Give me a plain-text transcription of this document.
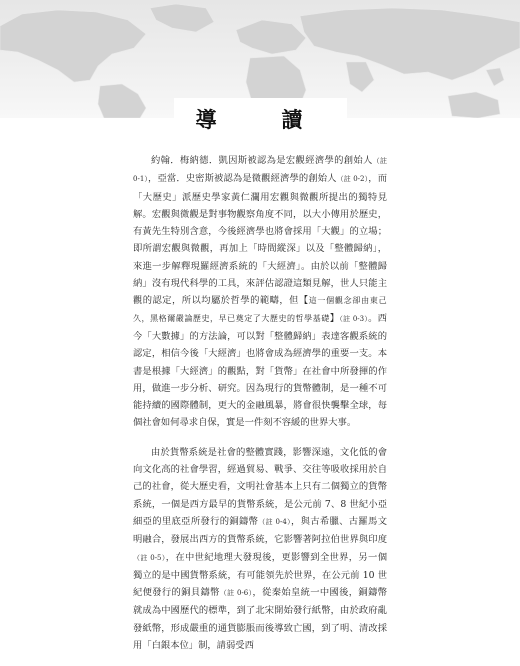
導　讀

約翰．梅納德．凱因斯被認為是宏觀經濟學的創始人（註 0-1），亞當．史密斯被認為是微觀經濟學的創始人（註 0-2），而「大歷史」派歷史學家黃仁瀾用宏觀與微觀所提出的獨特見解。宏觀與微觀是對事物觀察角度不同，以大小傳用於歷史，有黃先生特別含意，今後經濟學也將會採用「大觀」的立場；即所謂宏觀與微觀，再加上「時間縱深」以及「整體歸納」，來進一步解釋現羅經濟系統的「大經濟」。由於以前「整體歸納」沒有現代科學的工具，來評估認證這類見解，世人只能主觀的認定，所以均屬於哲學的範疇，但【這一個觀念卻由東己久，黑格爾嚴論歷史，早已奠定了大歷史的哲學基礎】（註 0-3）。西今「大數據」的方法論，可以對「整體歸納」表達客觀系統的認定，相信今後「大經濟」也將會成為經濟學的重要一支。本書是根據「大經濟」的觀點，對「貨幣」在社會中所發揮的作用，做進一步分析、研究。因為現行的貨幣體制，是一種不可能持續的國際體制，更大的金融風暴，將會很快襲擊全球，每個社會如何尋求自保，實是一件刻不容緩的世界大事。

由於貨幣系統是社會的整體實踐，影響深遠，文化低的會向文化高的社會學習，經過貿易、戰爭、交往等吸收採用於自己的社會，從大歷史看，文明社會基本上只有二個獨立的貨幣系統，一個是西方最早的貨幣系統，是公元前 7、8 世紀小亞細亞的里底亞所發行的銅鑄幣（註 0-4），與古希臘、古羅馬文明融合，發展出西方的貨幣系統，它影響著阿拉伯世界與印度（註 0-5），在中世紀地理大發現後，更影響到全世界，另一個獨立的是中國貨幣系統，有可能領先於世界，在公元前 10 世紀便發行的銅貝鑄幣（註 0-6），從秦始皇統一中國後，銅鑄幣就成為中國歷代的標準，到了北宋開始發行紙幣，由於政府亂發紙幣，形成嚴重的通貨膨脹而後導致亡國，到了明、清改採用「白銀本位」制，請弱受西
